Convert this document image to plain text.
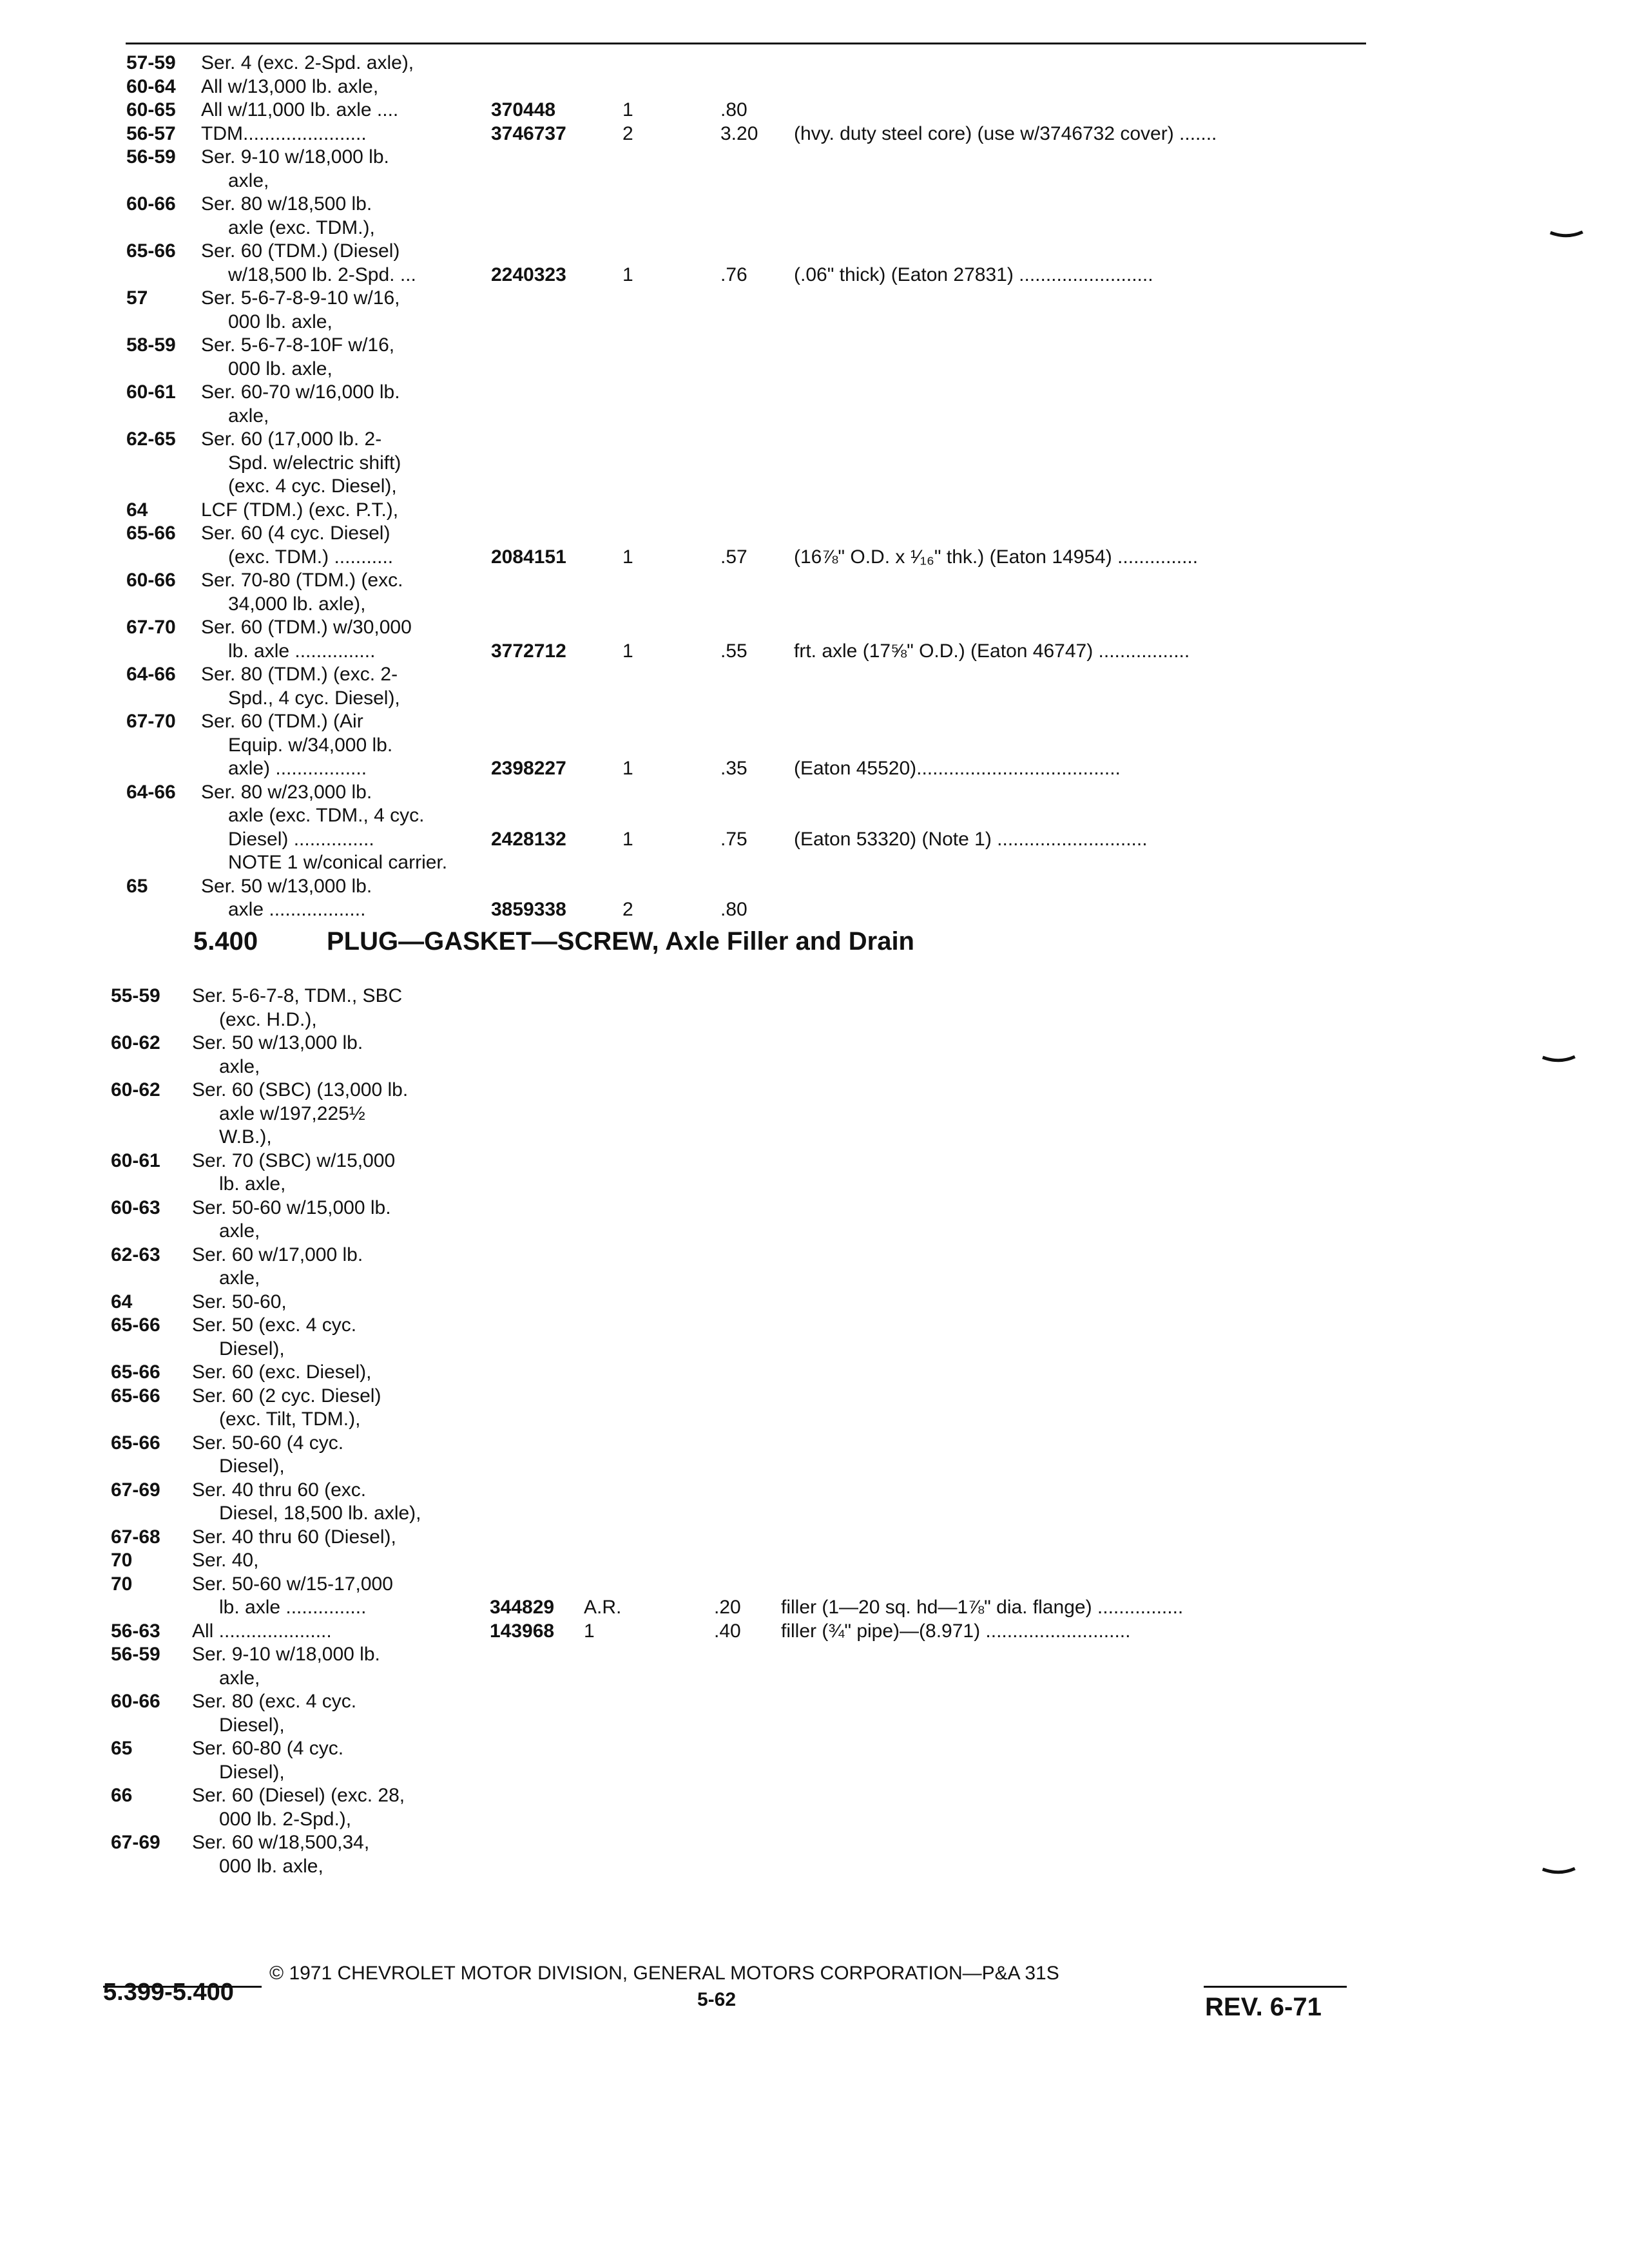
57-59 Ser. 4 (exc. 2-Spd. axle),
60-64 All w/13,000 lb. axle,
60-65 All w/11,000 lb. axle ....	370448	1	.80
56-57 TDM.......................	3746737	2	3.20 (hvy. duty steel core) (use w/3746732 cover) .......
56-59 Ser. 9-10 w/18,000 lb.
axle,
60-66 Ser. 80 w/18,500 lb.
axle (exc. TDM.),
65-66 Ser. 60 (TDM.) (Diesel)
w/18,500 lb. 2-Spd. ...	2240323	1	.76 (.06" thick) (Eaton 27831) .........................
57	Ser. 5-6-7-8-9-10 w/16,
000 lb. axle,
58-59 Ser. 5-6-7-8-10F w/16,
000 lb. axle,
60-61 Ser. 60-70 w/16,000 lb.
axle,
62-65 Ser. 60 (17,000 lb. 2-
Spd. w/electric shift)
(exc. 4 cyc. Diesel),
64	LCF (TDM.) (exc. P.T.),
65-66 Ser. 60 (4 cyc. Diesel)
(exc. TDM.) ...........	2084151	1	.57 (16⅞" O.D. x ¹⁄₁₆" thk.) (Eaton 14954) ...............
60-66 Ser. 70-80 (TDM.) (exc.
34,000 lb. axle),
67-70 Ser. 60 (TDM.) w/30,000
lb. axle ...............	3772712	1	.55 frt. axle (17⅝" O.D.) (Eaton 46747) .................
64-66 Ser. 80 (TDM.) (exc. 2-
Spd., 4 cyc. Diesel),
67-70 Ser. 60 (TDM.) (Air
Equip. w/34,000 lb.
axle) .................	2398227	1	.35 (Eaton 45520)......................................
64-66 Ser. 80 w/23,000 lb.
axle (exc. TDM., 4 cyc.
Diesel) ...............	2428132	1	.75 (Eaton 53320) (Note 1) ............................
NOTE 1 w/conical carrier.
65	Ser. 50 w/13,000 lb.
axle ..................	3859338	2	.80
5.400	PLUG—GASKET—SCREW, Axle Filler and Drain
55-59 Ser. 5-6-7-8, TDM., SBC
(exc. H.D.),
60-62 Ser. 50 w/13,000 lb.
axle,
60-62 Ser. 60 (SBC) (13,000 lb.
axle w/197,225½
W.B.),
60-61 Ser. 70 (SBC) w/15,000
lb. axle,
60-63 Ser. 50-60 w/15,000 lb.
axle,
62-63 Ser. 60 w/17,000 lb.
axle,
64	Ser. 50-60,
65-66 Ser. 50 (exc. 4 cyc.
Diesel),
65-66 Ser. 60 (exc. Diesel),
65-66 Ser. 60 (2 cyc. Diesel)
(exc. Tilt, TDM.),
65-66 Ser. 50-60 (4 cyc.
Diesel),
67-69 Ser. 40 thru 60 (exc.
Diesel, 18,500 lb. axle),
67-68 Ser. 40 thru 60 (Diesel),
70	Ser. 40,
70	Ser. 50-60 w/15-17,000
lb. axle ...............	344829 A.R.	.20 filler (1—20 sq. hd—1⅞" dia. flange) ................
56-63 All .....................	143968 1	.40 filler (¾" pipe)—(8.971) ...........................
56-59 Ser. 9-10 w/18,000 lb.
axle,
60-66 Ser. 80 (exc. 4 cyc.
Diesel),
65	Ser. 60-80 (4 cyc.
Diesel),
66	Ser. 60 (Diesel) (exc. 28,
000 lb. 2-Spd.),
67-69 Ser. 60 w/18,500,34,
000 lb. axle,
© 1971 CHEVROLET MOTOR DIVISION, GENERAL MOTORS CORPORATION—P&A 31S
5.399-5.400	5-62	REV. 6-71
